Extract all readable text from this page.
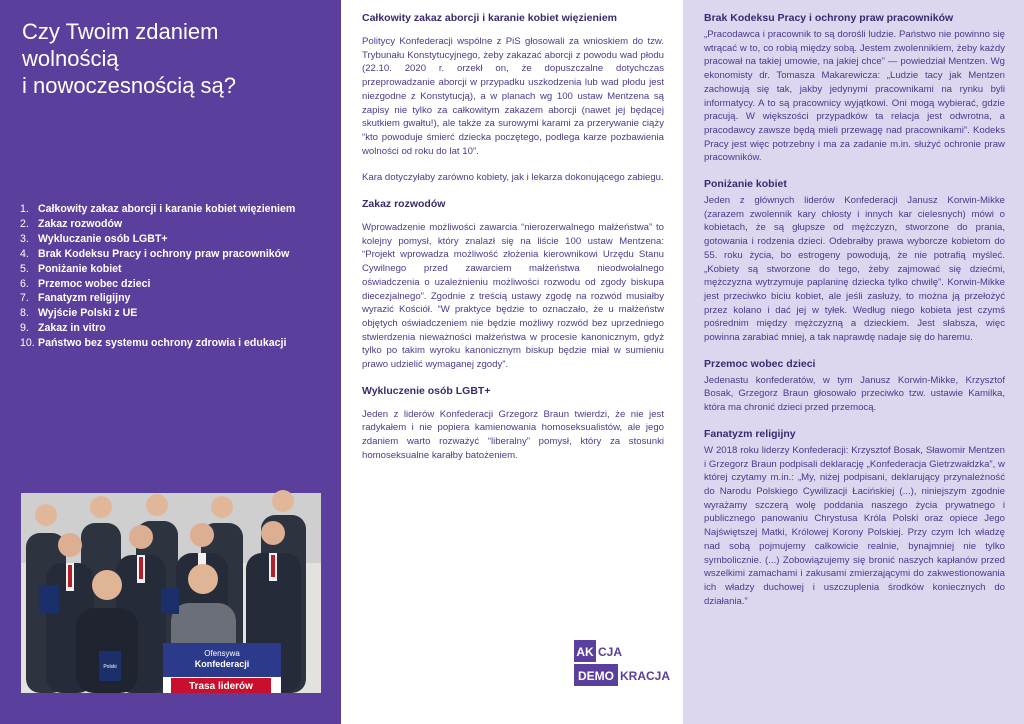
Czy Twoim zdaniem
wolnością
i nowoczesnością są?
1. Całkowity zakaz aborcji i karanie kobiet więzieniem
2. Zakaz rozwodów
3. Wykluczanie osób LGBT+
4. Brak Kodeksu Pracy i ochrony praw pracowników
5. Poniżanie kobiet
6. Przemoc wobec dzieci
7. Fanatyzm religijny
8. Wyjście Polski z UE
9. Zakaz in vitro
10. Państwo bez systemu ochrony zdrowia i edukacji
Ofensywa
Konfederacji
Trasa liderów
Polski
Całkowity zakaz aborcji i karanie kobiet więzieniem

Politycy Konfederacji wspólne z PiS głosowali za wnioskiem do tzw. Trybunału Konstytucyjnego, żeby zakazać aborcji z powodu wad płodu (22.10. 2020 r. orzekł on, że dopuszczalne dotychczas przeprowadzanie aborcji w przypadku uszkodzenia lub wad płodu jest niezgodne z Konstytucją), a w planach wg 100 ustaw Mentzena są zapisy nie tylko za całkowitym zakazem aborcji (nawet jej będącej skutkiem gwałtu!), ale także za surowymi karami za przerywanie ciąży “kto powoduje śmierć dziecka poczętego, podlega karze pozbawienia wolności od roku do lat 10”.

Kara dotyczyłaby zarówno kobiety, jak i lekarza dokonującego zabiegu.

Zakaz rozwodów

Wprowadzenie możliwości zawarcia “nierozerwalnego małżeństwa” to kolejny pomysł, który znalazł się na liście 100 ustaw Mentzena: “Projekt wprowadza możliwość złożenia kierownikowi Urzędu Stanu Cywilnego przed zawarciem małżeństwa nieodwołalnego oświadczenia o uzależnieniu możliwości rozwodu od zgody biskupa diecezjalnego”. Zgodnie z treścią ustawy zgodę na rozwód musiałby wyrazić Kościół. “W praktyce będzie to oznaczało, że u małżeństw objętych oświadczeniem nie będzie możliwy rozwód bez uprzedniego stwierdzenia nieważności małżeństwa w procesie kanonicznym, gdyż tylko po takim wyroku kanonicznym biskup będzie miał w sumieniu prawo udzielić wymaganej zgody”.

Wykluczenie osób LGBT+

Jeden z liderów Konfederacji Grzegorz Braun twierdzi, że nie jest radykałem i nie popiera kamienowania homoseksualistów, ale jego zdaniem warto rozważyć “liberalny” pomysł, który za stosunki homoseksualne karałby batożeniem.

AK CJA
DEMO KRACJA
Brak Kodeksu Pracy i ochrony praw pracowników

„Pracodawca i pracownik to są dorośli ludzie. Państwo nie powinno się wtrącać w to, co robią między sobą. Jestem zwolennikiem, żeby każdy pracował na takiej umowie, na jakiej chce” — powiedział Mentzen. Wg ekonomisty dr. Tomasza Makarewicza: „Ludzie tacy jak Mentzen zachowują się tak, jakby jedynymi pracownikami na rynku byli informatycy. A to są pracownicy wyjątkowi. Oni mogą wybierać, gdzie pracują. W większości przypadków ta relacja jest odwrotna, a pracodawcy zawsze będą mieli przewagę nad pracownikami”. Kodeks Pracy jest więc potrzebny i ma za zadanie m.in. służyć ochronie praw pracowników.

Poniżanie kobiet

Jeden z głównych liderów Konfederacji Janusz Korwin-Mikke (zarazem zwolennik kary chłosty i innych kar cielesnych) mówi o kobietach, że są głupsze od mężczyzn, stworzone do prania, gotowania i rodzenia dzieci. Odebrałby prawa wyborcze kobietom do 55. roku życia, bo estrogeny powodują, że nie potrafią myśleć. „Kobiety są stworzone do tego, żeby zajmować się dziećmi, mężczyzna wytrzymuje paplaninę dziecka tylko chwilę”. Korwin-Mikke jest przeciwko biciu kobiet, ale jeśli zasłuży, to można ją przełożyć przez kolano i dać jej w tyłek. Według niego kobieta jest czymś pośrednim między mężczyzną a dzieckiem. Jest słabsza, więc powinna zarabiać mniej, a tak naprawdę nadaje się do haremu.

Przemoc wobec dzieci

Jedenastu konfederatów, w tym Janusz Korwin-Mikke, Krzysztof Bosak, Grzegorz Braun głosowało przeciwko tzw. ustawie Kamilka, która ma chronić dzieci przed przemocą.

Fanatyzm religijny

W 2018 roku liderzy Konfederacji: Krzysztof Bosak, Sławomir Mentzen i Grzegorz Braun podpisali deklarację „Konfederacja Gietrzwałdzka”, w której czytamy m.in.: „My, niżej podpisani, deklarujący przynależność do Narodu Polskiego Cywilizacji Łacińskiej (...), niniejszym zgodnie wyrażamy szczerą wolę poddania naszego życia prywatnego i publicznego panowaniu Chrystusa Króla Polski oraz opiece Jego Najświętszej Matki, Królowej Korony Polskiej. Przy czym Ich władzę nad sobą pojmujemy całkowicie realnie, bynajmniej nie tylko symbolicznie. (...) Zobowiązujemy się bronić naszych kapłanów przed wszelkimi zamachami i zakusami zmierzającymi do zakwestionowania ich władzy duchowej i uszczuplenia środków koniecznych do działania.”
